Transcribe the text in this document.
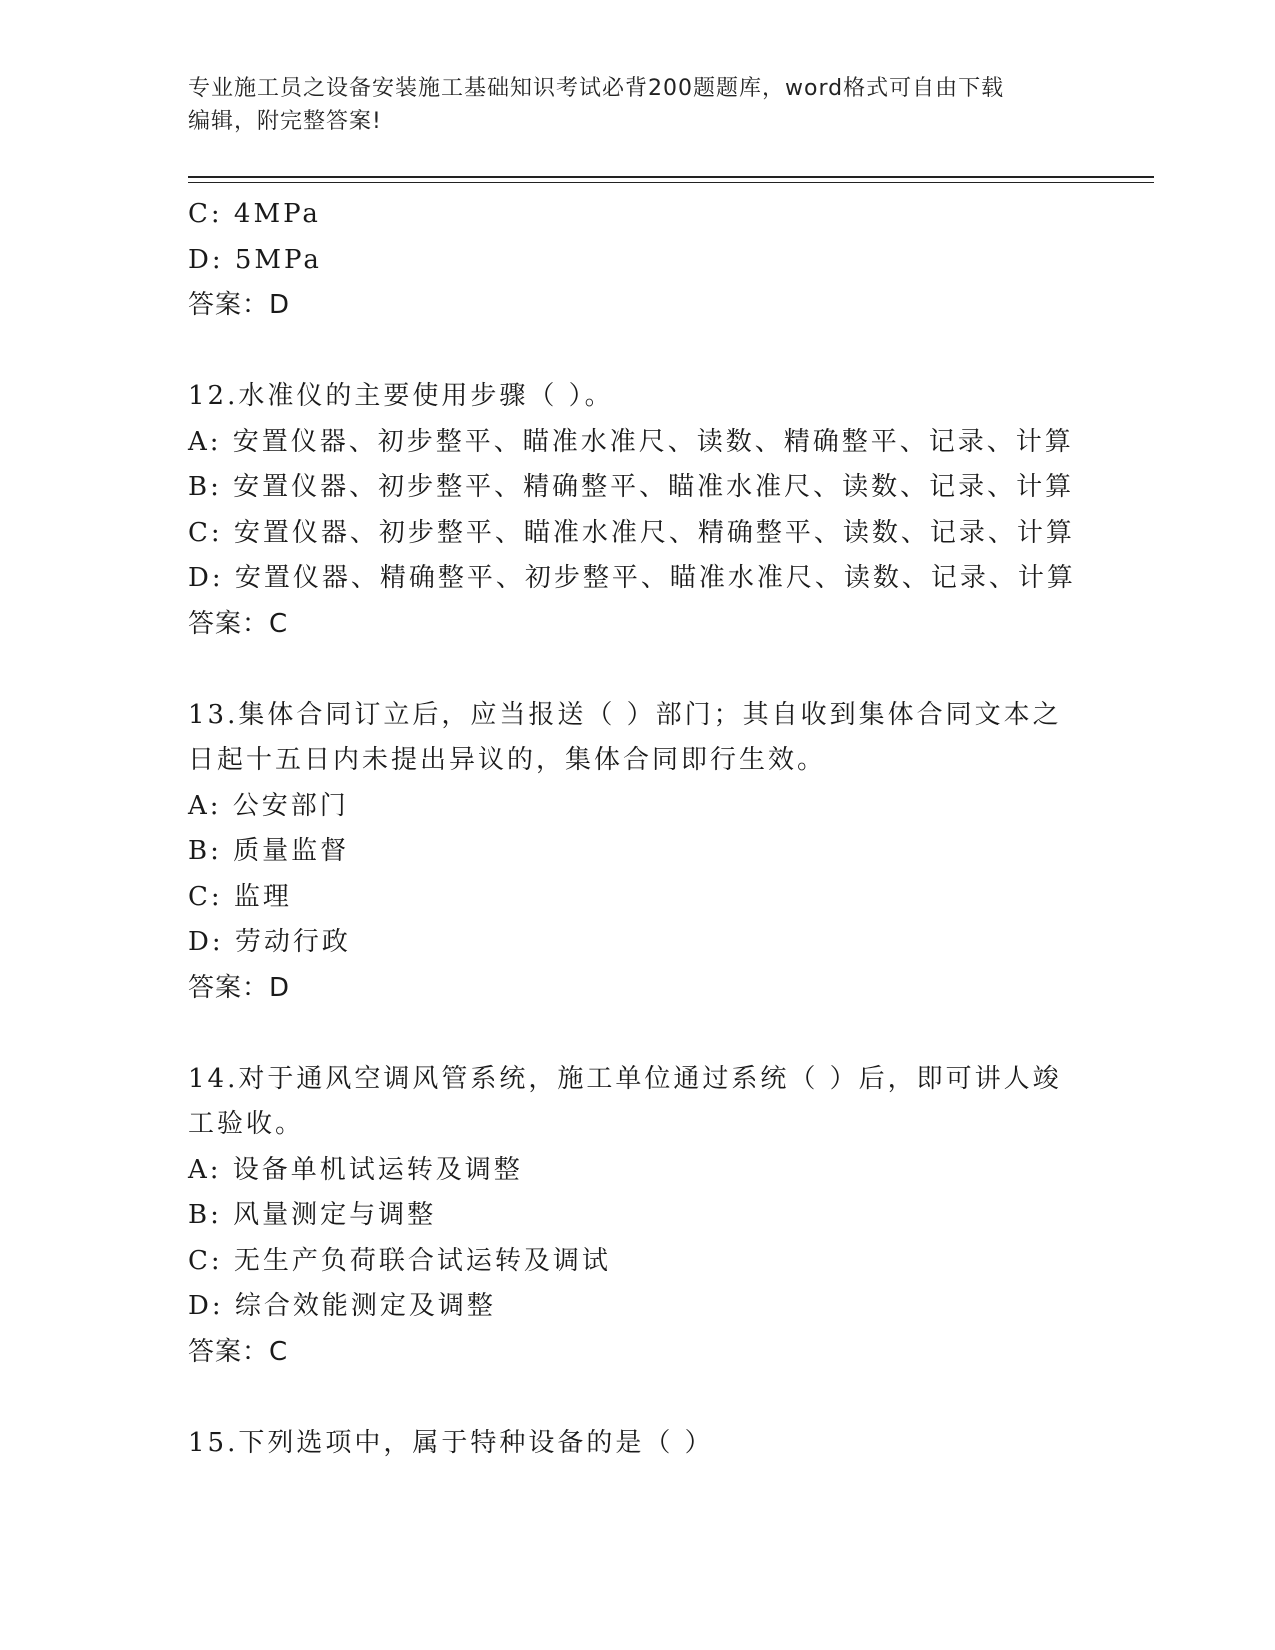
专业施工员之设备安装施工基础知识考试必背200题题库，word格式可自由下载
编辑，附完整答案!
C: 4MPa
D: 5MPa
答案：D
12.水准仪的主要使用步骤（ ）。
A: 安置仪器、初步整平、瞄准水准尺、读数、精确整平、记录、计算
B: 安置仪器、初步整平、精确整平、瞄准水准尺、读数、记录、计算
C: 安置仪器、初步整平、瞄准水准尺、精确整平、读数、记录、计算
D: 安置仪器、精确整平、初步整平、瞄准水准尺、读数、记录、计算
答案：C
13.集体合同订立后，应当报送（ ）部门；其自收到集体合同文本之
日起十五日内未提出异议的，集体合同即行生效。
A: 公安部门
B: 质量监督
C: 监理
D: 劳动行政
答案：D
14.对于通风空调风管系统，施工单位通过系统（ ）后，即可讲人竣
工验收。
A: 设备单机试运转及调整
B: 风量测定与调整
C: 无生产负荷联合试运转及调试
D: 综合效能测定及调整
答案：C
15.下列选项中，属于特种设备的是（ ）
